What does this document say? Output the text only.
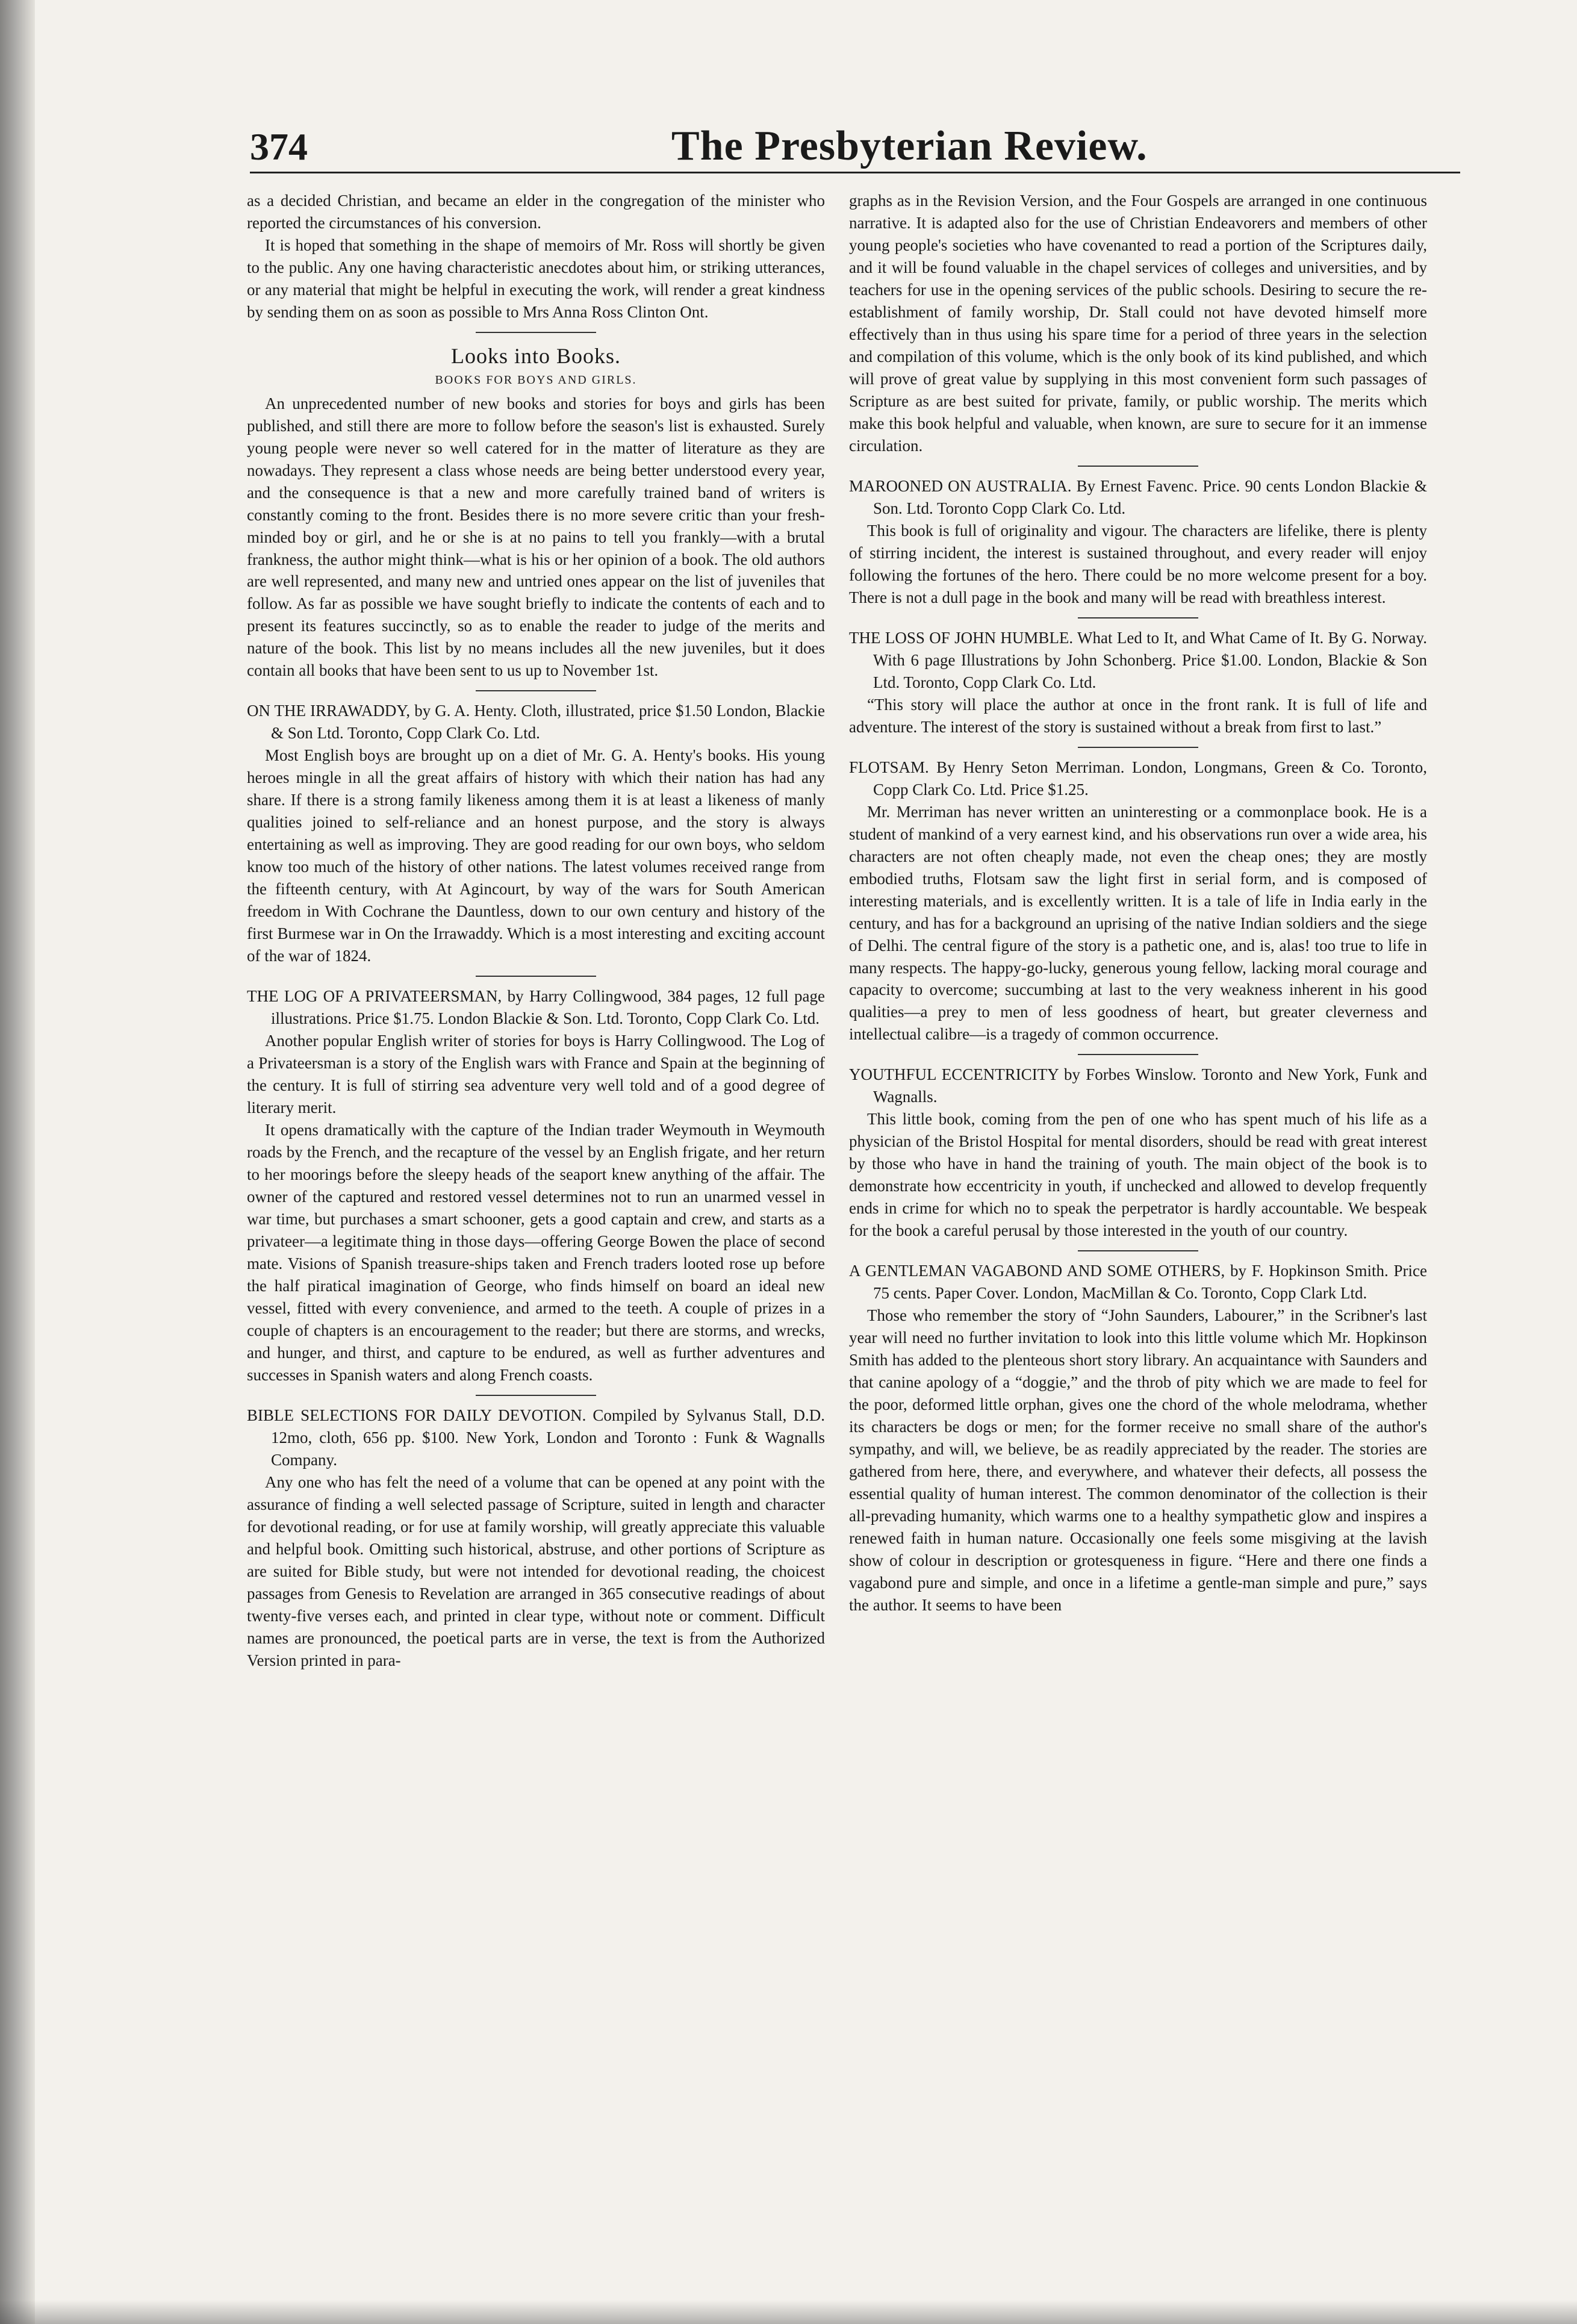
374	The Presbyterian Review.

as a decided Christian, and became an elder in the congregation of the minister who reported the circumstances of his conversion.

It is hoped that something in the shape of memoirs of Mr. Ross will shortly be given to the public. Any one having characteristic anecdotes about him, or striking utterances, or any material that might be helpful in executing the work, will render a great kindness by sending them on as soon as possible to Mrs Anna Ross Clinton Ont.

Looks into Books.
BOOKS FOR BOYS AND GIRLS.

An unprecedented number of new books and stories for boys and girls has been published, and still there are more to follow before the season's list is exhausted. Surely young people were never so well catered for in the matter of literature as they are nowadays. They represent a class whose needs are being better understood every year, and the consequence is that a new and more carefully trained band of writers is constantly coming to the front. Besides there is no more severe critic than your fresh-minded boy or girl, and he or she is at no pains to tell you frankly—with a brutal frankness, the author might think—what is his or her opinion of a book. The old authors are well represented, and many new and untried ones appear on the list of juveniles that follow. As far as possible we have sought briefly to indicate the contents of each and to present its features succinctly, so as to enable the reader to judge of the merits and nature of the book. This list by no means includes all the new juveniles, but it does contain all books that have been sent to us up to November 1st.

ON THE IRRAWADDY, by G. A. Henty. Cloth, illustrated, price $1.50 London, Blackie & Son Ltd. Toronto, Copp Clark Co. Ltd.

Most English boys are brought up on a diet of Mr. G. A. Henty's books. His young heroes mingle in all the great affairs of history with which their nation has had any share. If there is a strong family likeness among them it is at least a likeness of manly qualities joined to self-reliance and an honest purpose, and the story is always entertaining as well as improving. They are good reading for our own boys, who seldom know too much of the history of other nations. The latest volumes received range from the fifteenth century, with At Agincourt, by way of the wars for South American freedom in With Cochrane the Dauntless, down to our own century and history of the first Burmese war in On the Irrawaddy. Which is a most interesting and exciting account of the war of 1824.

THE LOG OF A PRIVATEERSMAN, by Harry Collingwood, 384 pages, 12 full page illustrations. Price $1.75. London Blackie & Son. Ltd. Toronto, Copp Clark Co. Ltd.

Another popular English writer of stories for boys is Harry Collingwood. The Log of a Privateersman is a story of the English wars with France and Spain at the beginning of the century. It is full of stirring sea adventure very well told and of a good degree of literary merit.

It opens dramatically with the capture of the Indian trader Weymouth in Weymouth roads by the French, and the recapture of the vessel by an English frigate, and her return to her moorings before the sleepy heads of the seaport knew anything of the affair. The owner of the captured and restored vessel determines not to run an unarmed vessel in war time, but purchases a smart schooner, gets a good captain and crew, and starts as a privateer—a legitimate thing in those days—offering George Bowen the place of second mate. Visions of Spanish treasure-ships taken and French traders looted rose up before the half piratical imagination of George, who finds himself on board an ideal new vessel, fitted with every convenience, and armed to the teeth. A couple of prizes in a couple of chapters is an encouragement to the reader; but there are storms, and wrecks, and hunger, and thirst, and capture to be endured, as well as further adventures and successes in Spanish waters and along French coasts.

BIBLE SELECTIONS FOR DAILY DEVOTION. Compiled by Sylvanus Stall, D.D. 12mo, cloth, 656 pp. $100. New York, London and Toronto : Funk & Wagnalls Company.

Any one who has felt the need of a volume that can be opened at any point with the assurance of finding a well selected passage of Scripture, suited in length and character for devotional reading, or for use at family worship, will greatly appreciate this valuable and helpful book. Omitting such historical, abstruse, and other portions of Scripture as are suited for Bible study, but were not intended for devotional reading, the choicest passages from Genesis to Revelation are arranged in 365 consecutive readings of about twenty-five verses each, and printed in clear type, without note or comment. Difficult names are pronounced, the poetical parts are in verse, the text is from the Authorized Version printed in para-

graphs as in the Revision Version, and the Four Gospels are arranged in one continuous narrative. It is adapted also for the use of Christian Endeavorers and members of other young people's societies who have covenanted to read a portion of the Scriptures daily, and it will be found valuable in the chapel services of colleges and universities, and by teachers for use in the opening services of the public schools. Desiring to secure the re-establishment of family worship, Dr. Stall could not have devoted himself more effectively than in thus using his spare time for a period of three years in the selection and compilation of this volume, which is the only book of its kind published, and which will prove of great value by supplying in this most convenient form such passages of Scripture as are best suited for private, family, or public worship. The merits which make this book helpful and valuable, when known, are sure to secure for it an immense circulation.

MAROONED ON AUSTRALIA. By Ernest Favenc. Price. 90 cents London Blackie & Son. Ltd. Toronto Copp Clark Co. Ltd.

This book is full of originality and vigour. The characters are lifelike, there is plenty of stirring incident, the interest is sustained throughout, and every reader will enjoy following the fortunes of the hero. There could be no more welcome present for a boy. There is not a dull page in the book and many will be read with breathless interest.

THE LOSS OF JOHN HUMBLE. What Led to It, and What Came of It. By G. Norway. With 6 page Illustrations by John Schonberg. Price $1.00. London, Blackie & Son Ltd. Toronto, Copp Clark Co. Ltd.

“This story will place the author at once in the front rank. It is full of life and adventure. The interest of the story is sustained without a break from first to last.”

FLOTSAM. By Henry Seton Merriman. London, Longmans, Green & Co. Toronto, Copp Clark Co. Ltd. Price $1.25.

Mr. Merriman has never written an uninteresting or a commonplace book. He is a student of mankind of a very earnest kind, and his observations run over a wide area, his characters are not often cheaply made, not even the cheap ones; they are mostly embodied truths, Flotsam saw the light first in serial form, and is composed of interesting materials, and is excellently written. It is a tale of life in India early in the century, and has for a background an uprising of the native Indian soldiers and the siege of Delhi. The central figure of the story is a pathetic one, and is, alas! too true to life in many respects. The happy-go-lucky, generous young fellow, lacking moral courage and capacity to overcome; succumbing at last to the very weakness inherent in his good qualities—a prey to men of less goodness of heart, but greater cleverness and intellectual calibre—is a tragedy of common occurrence.

YOUTHFUL ECCENTRICITY by Forbes Winslow. Toronto and New York, Funk and Wagnalls.

This little book, coming from the pen of one who has spent much of his life as a physician of the Bristol Hospital for mental disorders, should be read with great interest by those who have in hand the training of youth. The main object of the book is to demonstrate how eccentricity in youth, if unchecked and allowed to develop frequently ends in crime for which no to speak the perpetrator is hardly accountable. We bespeak for the book a careful perusal by those interested in the youth of our country.

A GENTLEMAN VAGABOND AND SOME OTHERS, by F. Hopkinson Smith. Price 75 cents. Paper Cover. London, MacMillan & Co. Toronto, Copp Clark Ltd.

Those who remember the story of “John Saunders, Labourer,” in the Scribner's last year will need no further invitation to look into this little volume which Mr. Hopkinson Smith has added to the plenteous short story library. An acquaintance with Saunders and that canine apology of a “doggie,” and the throb of pity which we are made to feel for the poor, deformed little orphan, gives one the chord of the whole melodrama, whether its characters be dogs or men; for the former receive no small share of the author's sympathy, and will, we believe, be as readily appreciated by the reader. The stories are gathered from here, there, and everywhere, and whatever their defects, all possess the essential quality of human interest. The common denominator of the collection is their all-prevading humanity, which warms one to a healthy sympathetic glow and inspires a renewed faith in human nature. Occasionally one feels some misgiving at the lavish show of colour in description or grotesqueness in figure. “Here and there one finds a vagabond pure and simple, and once in a lifetime a gentle-man simple and pure,” says the author. It seems to have been
